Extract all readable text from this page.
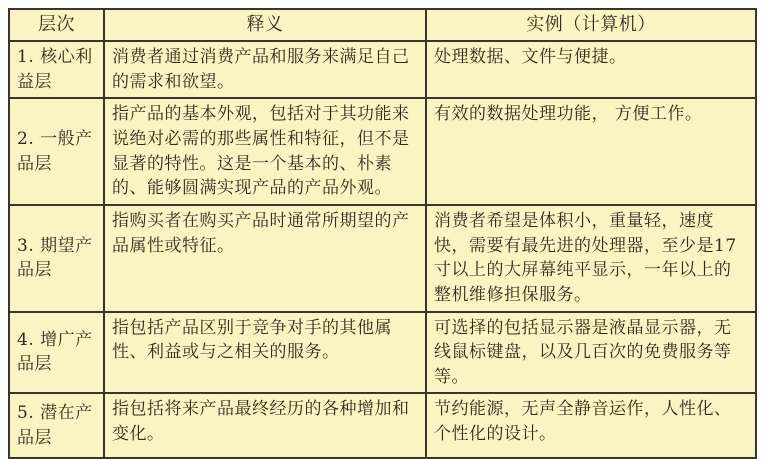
层次	释义	实例（计算机）
1. 核心利益层	消费者通过消费产品和服务来满足自己的需求和欲望。	处理数据、文件与便捷。
2. 一般产品层	指产品的基本外观，包括对于其功能来说绝对必需的那些属性和特征，但不是显著的特性。这是一个基本的、朴素的、能够圆满实现产品的产品外观。	有效的数据处理功能， 方便工作。
3. 期望产品层	指购买者在购买产品时通常所期望的产品属性或特征。	消费者希望是体积小，重量轻，速度快，需要有最先进的处理器，至少是17寸以上的大屏幕纯平显示，一年以上的整机维修担保服务。
4. 增广产品层	指包括产品区别于竞争对手的其他属性、利益或与之相关的服务。	可选择的包括显示器是液晶显示器，无线鼠标键盘，以及几百次的免费服务等等。
5. 潜在产品层	指包括将来产品最终经历的各种增加和变化。	节约能源，无声全静音运作，人性化、个性化的设计。
